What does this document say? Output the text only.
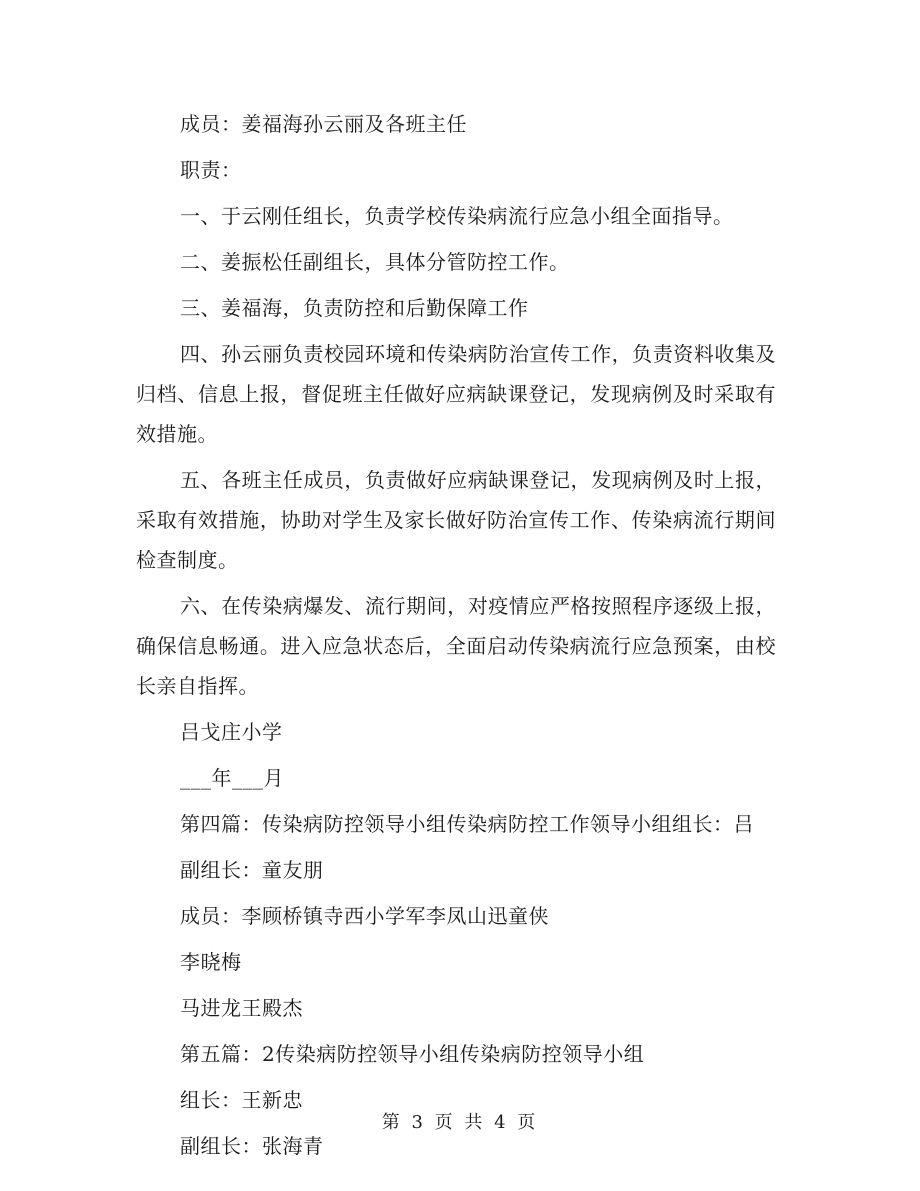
成员：姜福海孙云丽及各班主任

职责：

一、于云刚任组长，负责学校传染病流行应急小组全面指导。

二、姜振松任副组长，具体分管防控工作。

三、姜福海，负责防控和后勤保障工作

四、孙云丽负责校园环境和传染病防治宣传工作，负责资料收集及归档、信息上报，督促班主任做好应病缺课登记，发现病例及时采取有效措施。

五、各班主任成员，负责做好应病缺课登记，发现病例及时上报，采取有效措施，协助对学生及家长做好防治宣传工作、传染病流行期间检查制度。

六、在传染病爆发、流行期间，对疫情应严格按照程序逐级上报，确保信息畅通。进入应急状态后，全面启动传染病流行应急预案，由校长亲自指挥。

吕戈庄小学

___年___月

第四篇：传染病防控领导小组传染病防控工作领导小组组长：吕

副组长：童友朋

成员：李顾桥镇寺西小学军李凤山迅童侠

李晓梅

马进龙王殿杰

第五篇：2传染病防控领导小组传染病防控领导小组

组长：王新忠

副组长：张海青

第 3 页 共 4 页
